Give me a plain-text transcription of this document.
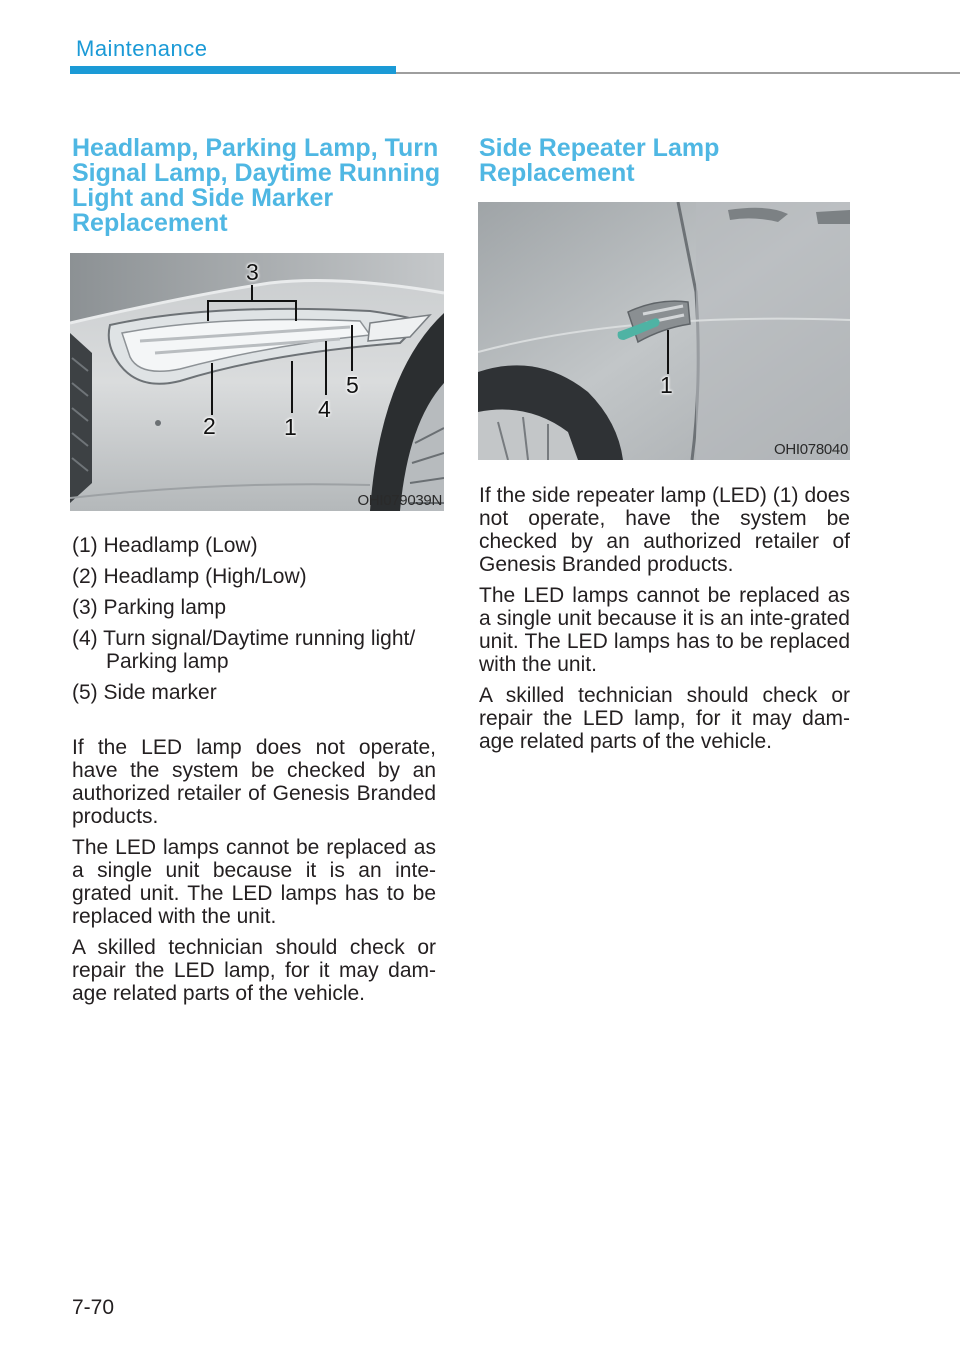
Maintenance
Headlamp, Parking Lamp, Turn
Signal Lamp, Daytime Running
Light and Side Marker
Replacement
3
2	1
4
5
OHI079039N
(1) Headlamp (Low)
(2) Headlamp (High/Low)
(3) Parking lamp
(4) Turn signal/Daytime running light/ Parking lamp
(5) Side marker

If the LED lamp does not operate, have the system be checked by an authorized retailer of Genesis Branded products.

The LED lamps cannot be replaced as a single unit because it is an inte-grated unit. The LED lamps has to be replaced with the unit.

A skilled technician should check or repair the LED lamp, for it may dam-age related parts of the vehicle.

Side Repeater Lamp
Replacement
1
OHI078040

If the side repeater lamp (LED) (1) does not operate, have the system be checked by an authorized retailer of Genesis Branded products.

The LED lamps cannot be replaced as a single unit because it is an inte-grated unit. The LED lamps has to be replaced with the unit.

A skilled technician should check or repair the LED lamp, for it may dam-age related parts of the vehicle.

7-70
